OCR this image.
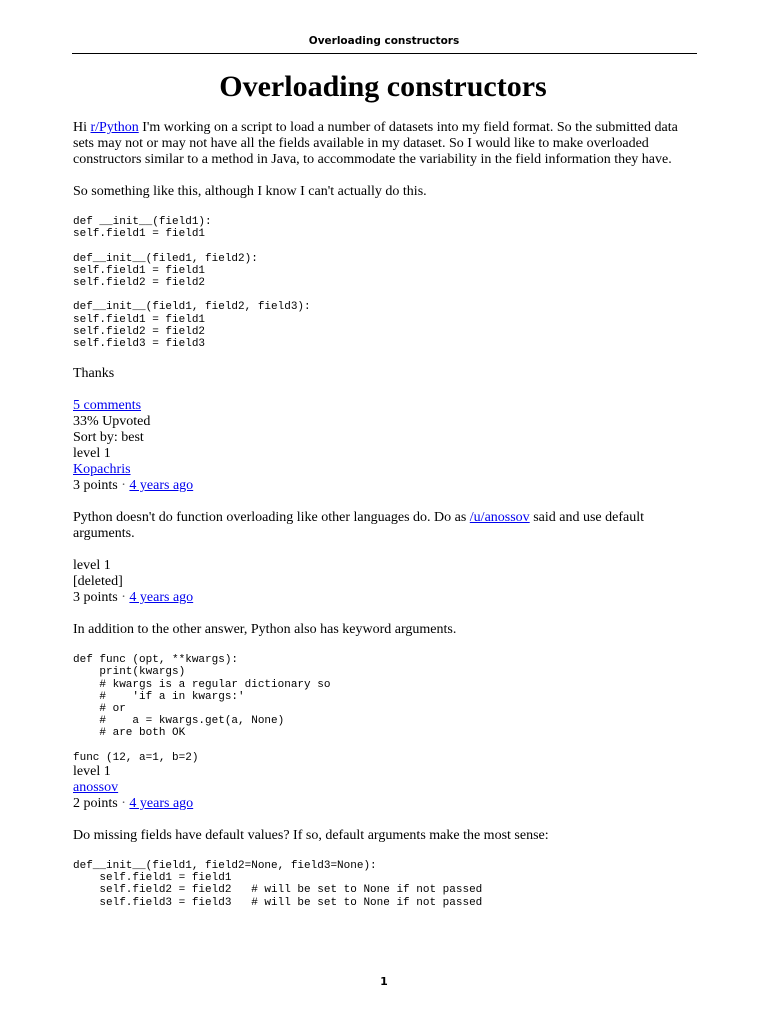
Overloading constructors
Overloading constructors

Hi r/Python I'm working on a script to load a number of datasets into my field format. So the submitted data sets may not or may not have all the fields available in my dataset. So I would like to make overloaded constructors similar to a method in Java, to accommodate the variability in the field information they have.

So something like this, although I know I can't actually do this.

def __init__(field1):
self.field1 = field1

def__init__(filed1, field2):
self.field1 = field1
self.field2 = field2

def__init__(field1, field2, field3):
self.field1 = field1
self.field2 = field2
self.field3 = field3

Thanks

5 comments
33% Upvoted
Sort by: best
level 1
Kopachris
3 points · 4 years ago

Python doesn't do function overloading like other languages do. Do as /u/anossov said and use default arguments.

level 1
[deleted]
3 points · 4 years ago

In addition to the other answer, Python also has keyword arguments.

def func (opt, **kwargs):
print(kwargs)
# kwargs is a regular dictionary so
#    'if a in kwargs:'
# or
#    a = kwargs.get(a, None)
# are both OK

func (12, a=1, b=2)
level 1
anossov
2 points · 4 years ago

Do missing fields have default values? If so, default arguments make the most sense:

def__init__(field1, field2=None, field3=None):
self.field1 = field1
self.field2 = field2   # will be set to None if not passed
self.field3 = field3   # will be set to None if not passed
1
